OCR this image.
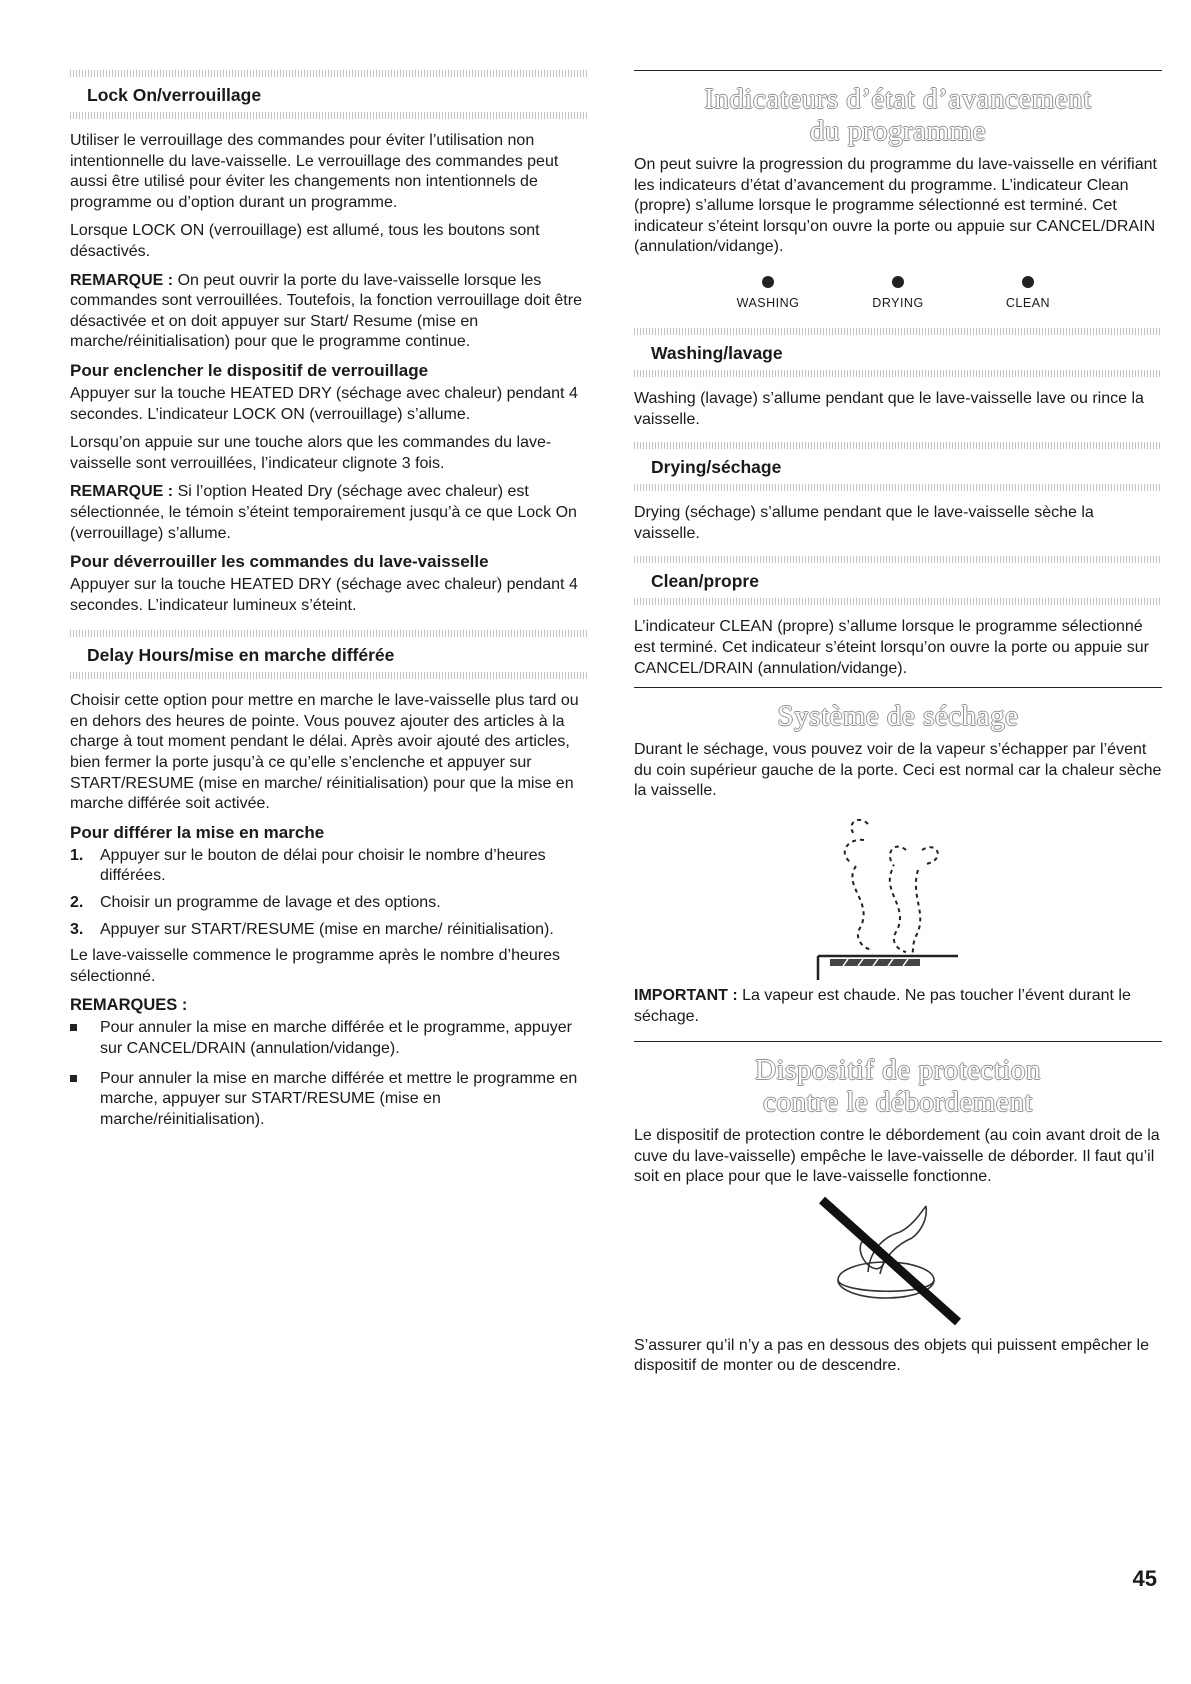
Lock On/verrouillage

Utiliser le verrouillage des commandes pour éviter l’utilisation non intentionnelle du lave-vaisselle. Le verrouillage des commandes peut aussi être utilisé pour éviter les changements non intentionnels de programme ou d’option durant un programme.

Lorsque LOCK ON (verrouillage) est allumé, tous les boutons sont désactivés.

REMARQUE : On peut ouvrir la porte du lave-vaisselle lorsque les commandes sont verrouillées. Toutefois, la fonction verrouillage doit être désactivée et on doit appuyer sur Start/ Resume (mise en marche/réinitialisation) pour que le programme continue.

Pour enclencher le dispositif de verrouillage

Appuyer sur la touche HEATED DRY (séchage avec chaleur) pendant 4 secondes. L’indicateur LOCK ON (verrouillage) s’allume.

Lorsqu’on appuie sur une touche alors que les commandes du lave-vaisselle sont verrouillées, l’indicateur clignote 3 fois.

REMARQUE : Si l’option Heated Dry (séchage avec chaleur) est sélectionnée, le témoin s’éteint temporairement jusqu’à ce que Lock On (verrouillage) s’allume.

Pour déverrouiller les commandes du lave-vaisselle

Appuyer sur la touche HEATED DRY (séchage avec chaleur) pendant 4 secondes. L’indicateur lumineux s’éteint.

Delay Hours/mise en marche différée

Choisir cette option pour mettre en marche le lave-vaisselle plus tard ou en dehors des heures de pointe. Vous pouvez ajouter des articles à la charge à tout moment pendant le délai. Après avoir ajouté des articles, bien fermer la porte jusqu’à ce qu’elle s’enclenche et appuyer sur START/RESUME (mise en marche/ réinitialisation) pour que la mise en marche différée soit activée.

Pour différer la mise en marche
1. Appuyer sur le bouton de délai pour choisir le nombre d’heures différées.
2. Choisir un programme de lavage et des options.
3. Appuyer sur START/RESUME (mise en marche/ réinitialisation).

Le lave-vaisselle commence le programme après le nombre d’heures sélectionné.

REMARQUES :
Pour annuler la mise en marche différée et le programme, appuyer sur CANCEL/DRAIN (annulation/vidange).
Pour annuler la mise en marche différée et mettre le programme en marche, appuyer sur START/RESUME (mise en marche/réinitialisation).
Indicateurs d’état d’avancement
du programme

On peut suivre la progression du programme du lave-vaisselle en vérifiant les indicateurs d’état d’avancement du programme. L’indicateur Clean (propre) s’allume lorsque le programme sélectionné est terminé. Cet indicateur s’éteint lorsqu’on ouvre la porte ou appuie sur CANCEL/DRAIN (annulation/vidange).

WASHING	DRYING	CLEAN
Washing/lavage

Washing (lavage) s’allume pendant que le lave-vaisselle lave ou rince la vaisselle.

Drying/séchage

Drying (séchage) s’allume pendant que le lave-vaisselle sèche la vaisselle.

Clean/propre

L’indicateur CLEAN (propre) s’allume lorsque le programme sélectionné est terminé. Cet indicateur s’éteint lorsqu’on ouvre la porte ou appuie sur CANCEL/DRAIN (annulation/vidange).

Système de séchage

Durant le séchage, vous pouvez voir de la vapeur s’échapper par l’évent du coin supérieur gauche de la porte. Ceci est normal car la chaleur sèche la vaisselle.

IMPORTANT : La vapeur est chaude. Ne pas toucher l’évent durant le séchage.

Dispositif de protection
contre le débordement

Le dispositif de protection contre le débordement (au coin avant droit de la cuve du lave-vaisselle) empêche le lave-vaisselle de déborder. Il faut qu’il soit en place pour que le lave-vaisselle fonctionne.

S’assurer qu’il n’y a pas en dessous des objets qui puissent empêcher le dispositif de monter ou de descendre.

45
